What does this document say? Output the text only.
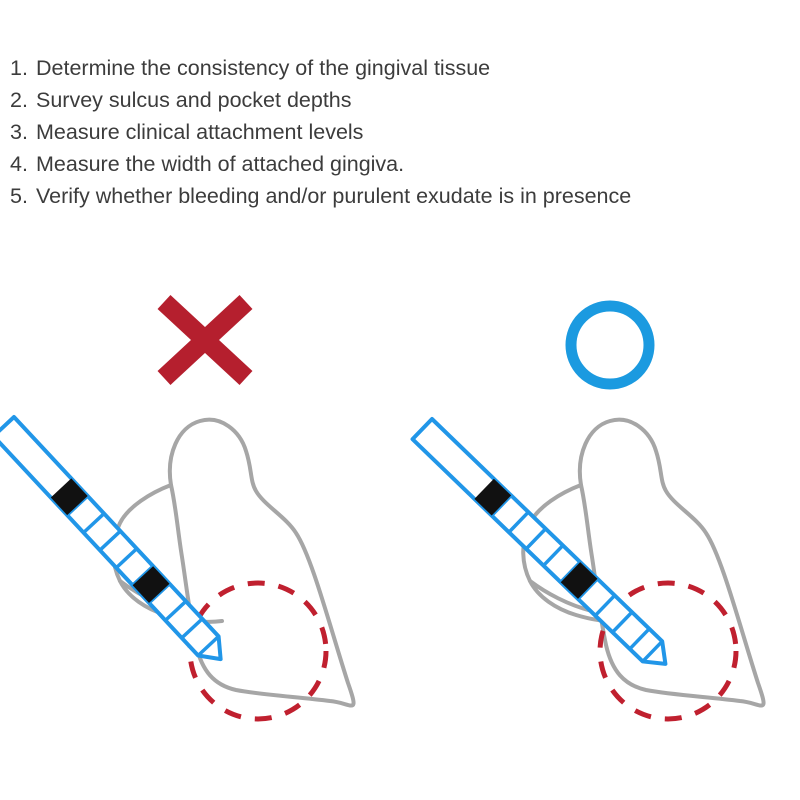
1. Determine the consistency of the gingival tissue
2. Survey sulcus and pocket depths
3. Measure clinical attachment levels
4. Measure the width of attached gingiva.
5. Verify whether bleeding and/or purulent exudate is in presence
